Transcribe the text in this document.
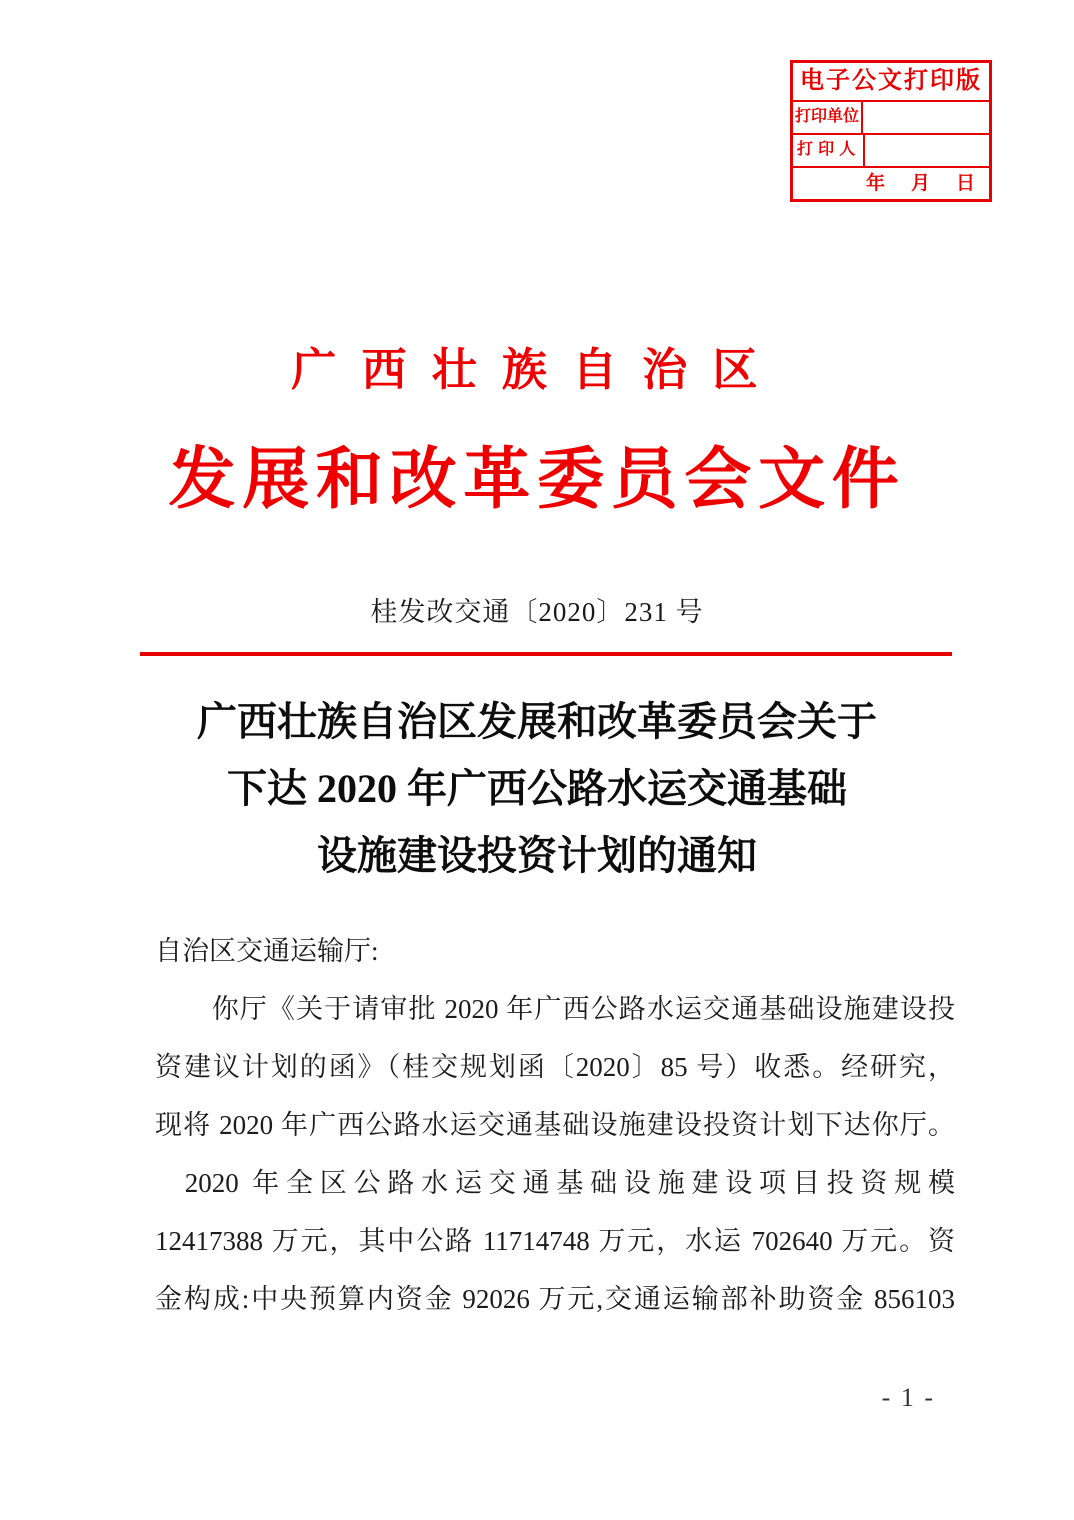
电子公文打印版
打印单位
打印人
年 月 日
广西壮族自治区
发展和改革委员会文件
桂发改交通〔2020〕231 号
广西壮族自治区发展和改革委员会关于
下达 2020 年广西公路水运交通基础
设施建设投资计划的通知
自治区交通运输厅:
你厅《关于请审批 2020 年广西公路水运交通基础设施建设投
资建议计划的函》（桂交规划函〔2020〕85 号）收悉。经研究，
现将 2020 年广西公路水运交通基础设施建设投资计划下达你厅。
2020 年全区公路水运交通基础设施建设项目投资规模
12417388 万元，其中公路 11714748 万元，水运 702640 万元。资
金构成:中央预算内资金 92026 万元,交通运输部补助资金 856103
- 1 -
